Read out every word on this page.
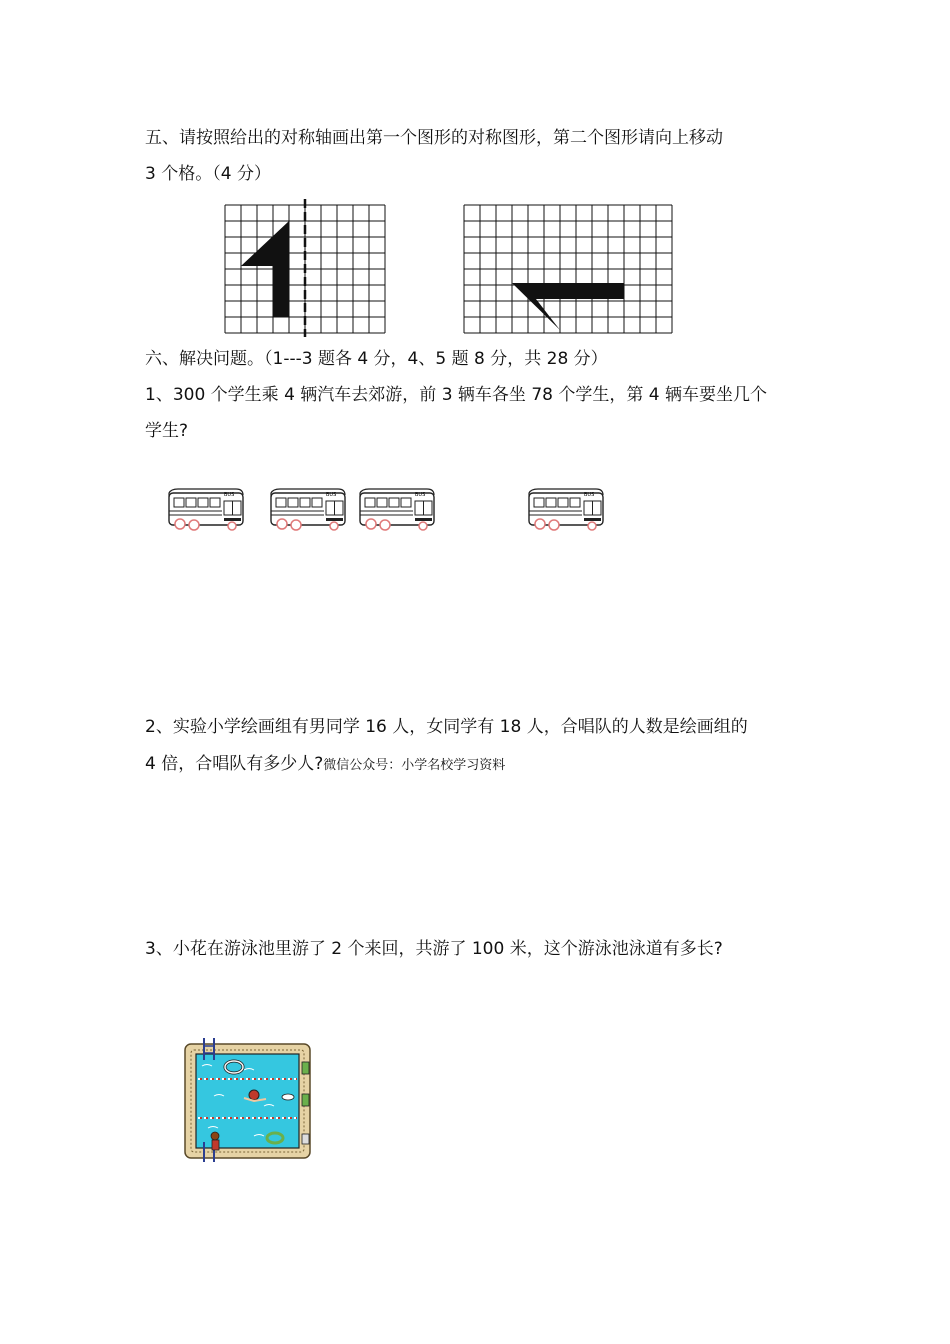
五、请按照给出的对称轴画出第一个图形的对称图形，第二个图形请向上移动
3 个格。（4 分）
六、解决问题。（1---3 题各 4 分，4、5 题 8 分，共 28 分）
1、300 个学生乘 4 辆汽车去郊游，前 3 辆车各坐 78 个学生，第 4 辆车要坐几个
学生?
BUS	BUS	BUS	BUS
2、实验小学绘画组有男同学 16 人，女同学有 18 人，合唱队的人数是绘画组的
4 倍，合唱队有多少人?微信公众号：小学名校学习资料
3、小花在游泳池里游了 2 个来回，共游了 100 米，这个游泳池泳道有多长?
